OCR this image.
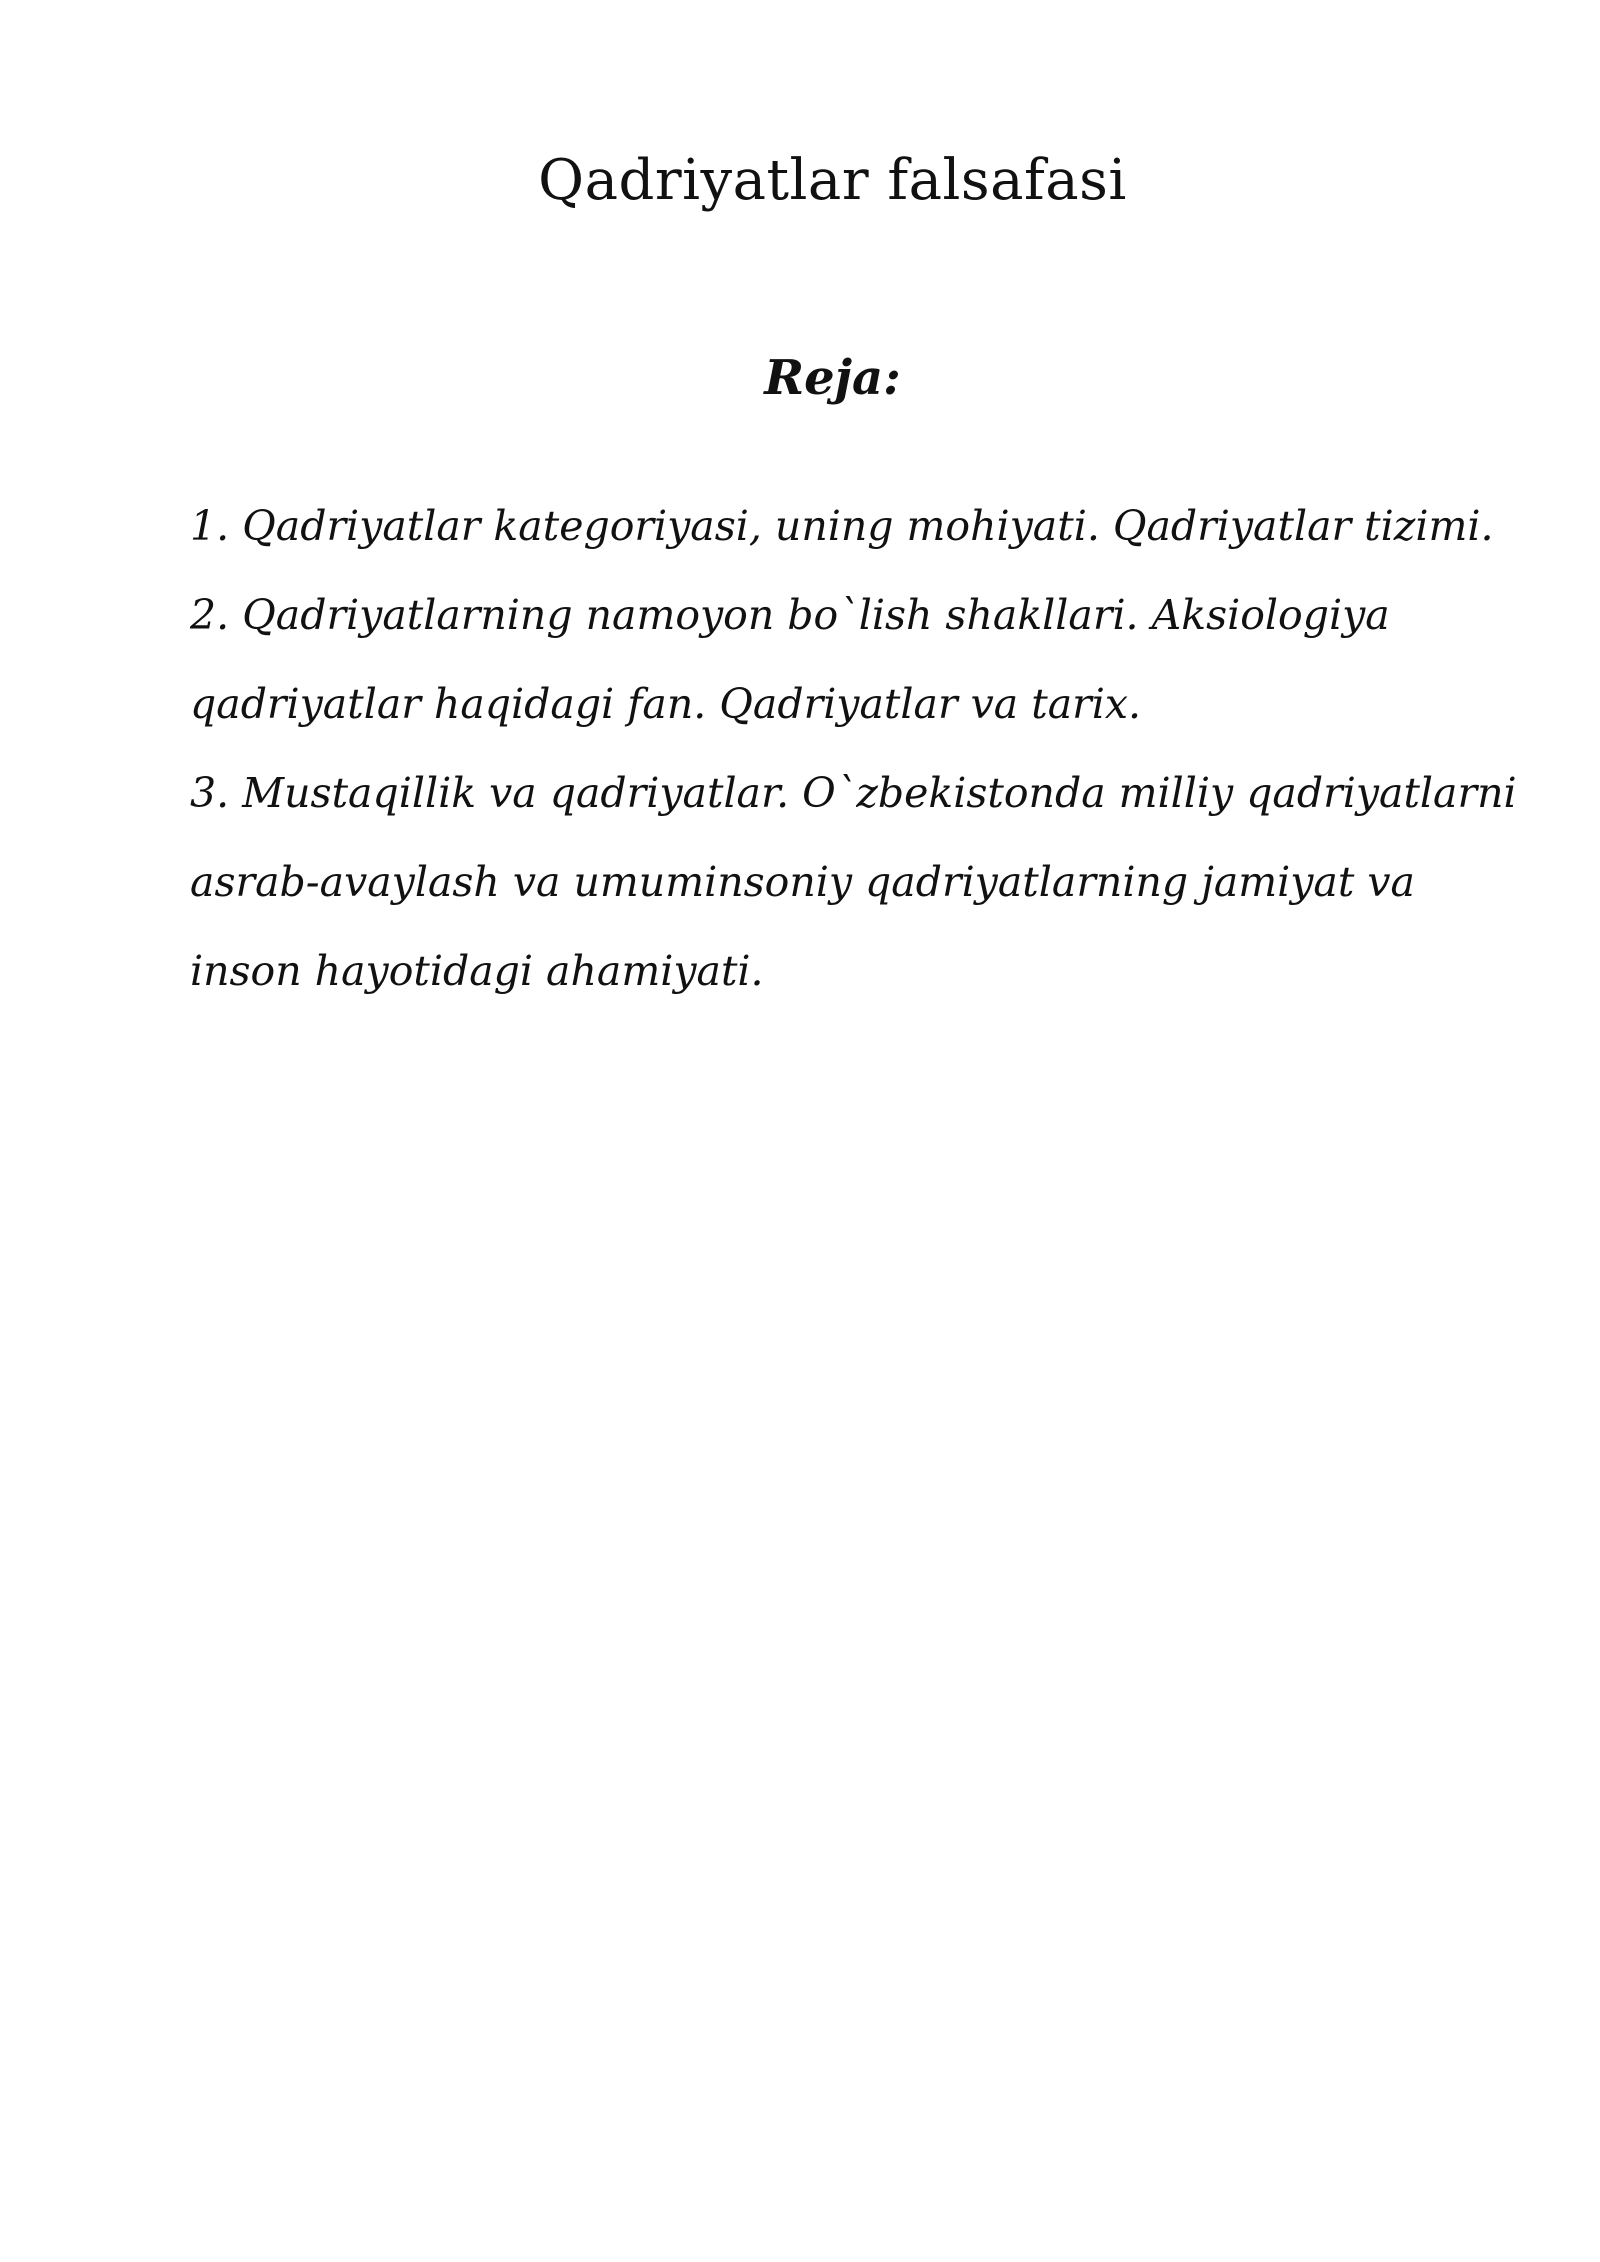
Qadriyatlar falsafasi
Reja:
1. Qadriyatlar kategoriyasi, uning mohiyati. Qadriyatlar tizimi.
2. Qadriyatlarning namoyon bo`lish shakllari. Aksiologiya qadriyatlar haqidagi fan. Qadriyatlar va tarix.
3. Mustaqillik va qadriyatlar. O`zbekistonda milliy qadriyatlarni asrab-avaylash va umuminsoniy qadriyatlarning jamiyat va inson hayotidagi ahamiyati.
